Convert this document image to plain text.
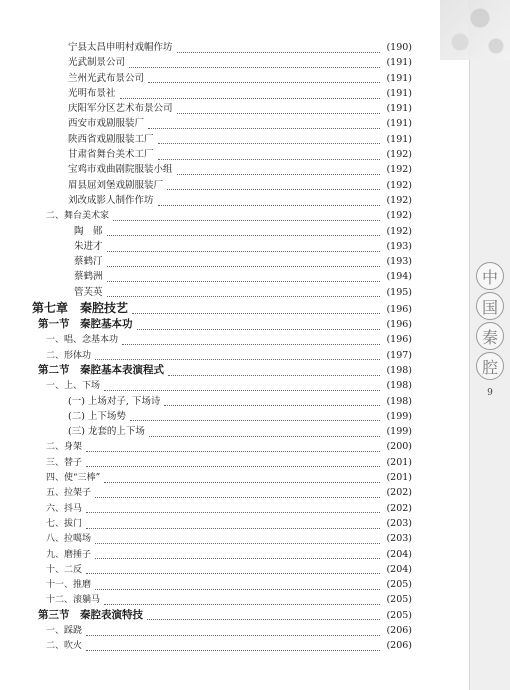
中
国
秦
腔
9
宁县太昌申明村戏帽作坊	(190)
光武制景公司	(191)
兰州光武布景公司	(191)
光明布景社	(191)
庆阳军分区艺术布景公司	(191)
西安市戏剧服装厂	(191)
陕西省戏剧服装工厂	(191)
甘肃省舞台美术工厂	(192)
宝鸡市戏曲剧院服装小组	(192)
眉县屈刘堡戏剧服装厂	(192)
刘改成影人制作作坊	(192)
二、舞台美术家	(192)
陶　郧	(192)
朱进才	(193)
蔡鹤汀	(193)
蔡鹤洲	(194)
管芙英	(195)
第七章　秦腔技艺	(196)
第一节　秦腔基本功	(196)
一、唱、念基本功	(196)
二、形体功	(197)
第二节　秦腔基本表演程式	(198)
一、上、下场	(198)
(一) 上场对子, 下场诗	(198)
(二) 上下场势	(199)
(三) 龙套的上下场	(199)
二、身架	(200)
三、替子	(201)
四、使“三棒”	(201)
五、拉架子	(202)
六、抖马	(202)
七、拔门	(203)
八、拉噶场	(203)
九、磨捶子	(204)
十、二反	(204)
十一、推磨	(205)
十二、滚躺马	(205)
第三节　秦腔表演特技	(205)
一、踩跷	(206)
二、吹火	(206)
